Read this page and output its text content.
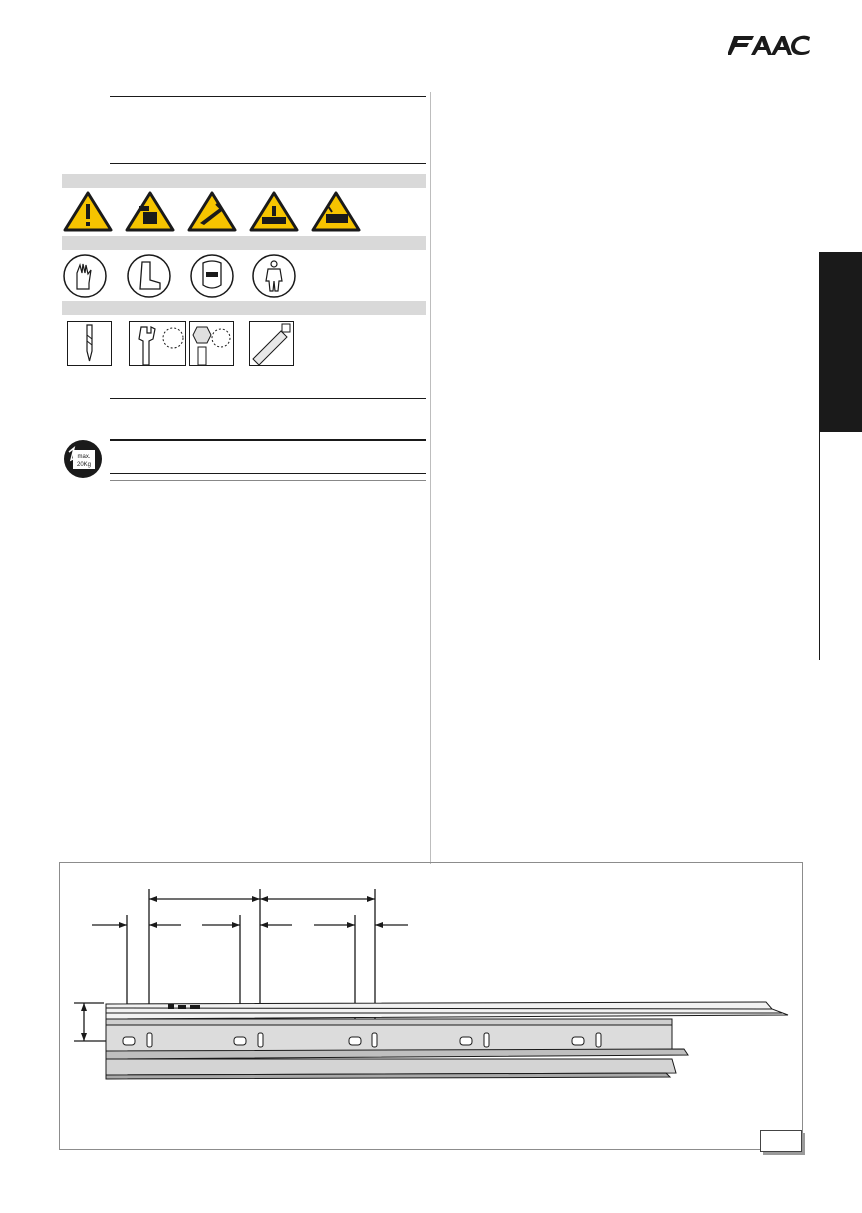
max.
20Kg
